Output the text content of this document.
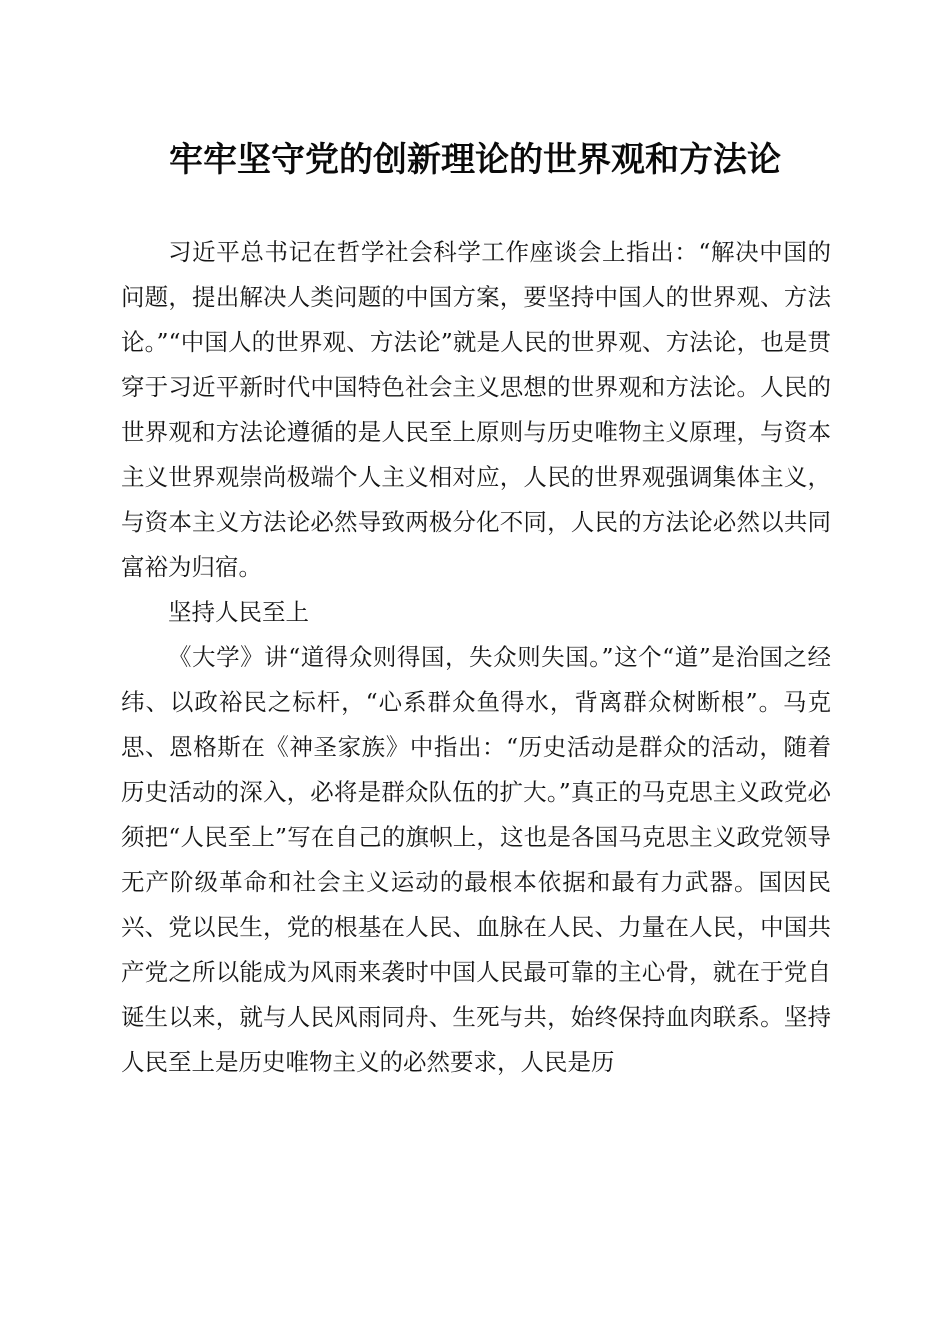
牢牢坚守党的创新理论的世界观和方法论

习近平总书记在哲学社会科学工作座谈会上指出：“解决中国的问题，提出解决人类问题的中国方案，要坚持中国人的世界观、方法论。”“中国人的世界观、方法论”就是人民的世界观、方法论，也是贯穿于习近平新时代中国特色社会主义思想的世界观和方法论。人民的世界观和方法论遵循的是人民至上原则与历史唯物主义原理，与资本主义世界观崇尚极端个人主义相对应，人民的世界观强调集体主义，与资本主义方法论必然导致两极分化不同，人民的方法论必然以共同富裕为归宿。

坚持人民至上

《大学》讲“道得众则得国，失众则失国。”这个“道”是治国之经纬、以政裕民之标杆，“心系群众鱼得水，背离群众树断根”。马克思、恩格斯在《神圣家族》中指出：“历史活动是群众的活动，随着历史活动的深入，必将是群众队伍的扩大。”真正的马克思主义政党必须把“人民至上”写在自己的旗帜上，这也是各国马克思主义政党领导无产阶级革命和社会主义运动的最根本依据和最有力武器。国因民兴、党以民生，党的根基在人民、血脉在人民、力量在人民，中国共产党之所以能成为风雨来袭时中国人民最可靠的主心骨，就在于党自诞生以来，就与人民风雨同舟、生死与共，始终保持血肉联系。坚持人民至上是历史唯物主义的必然要求，人民是历
